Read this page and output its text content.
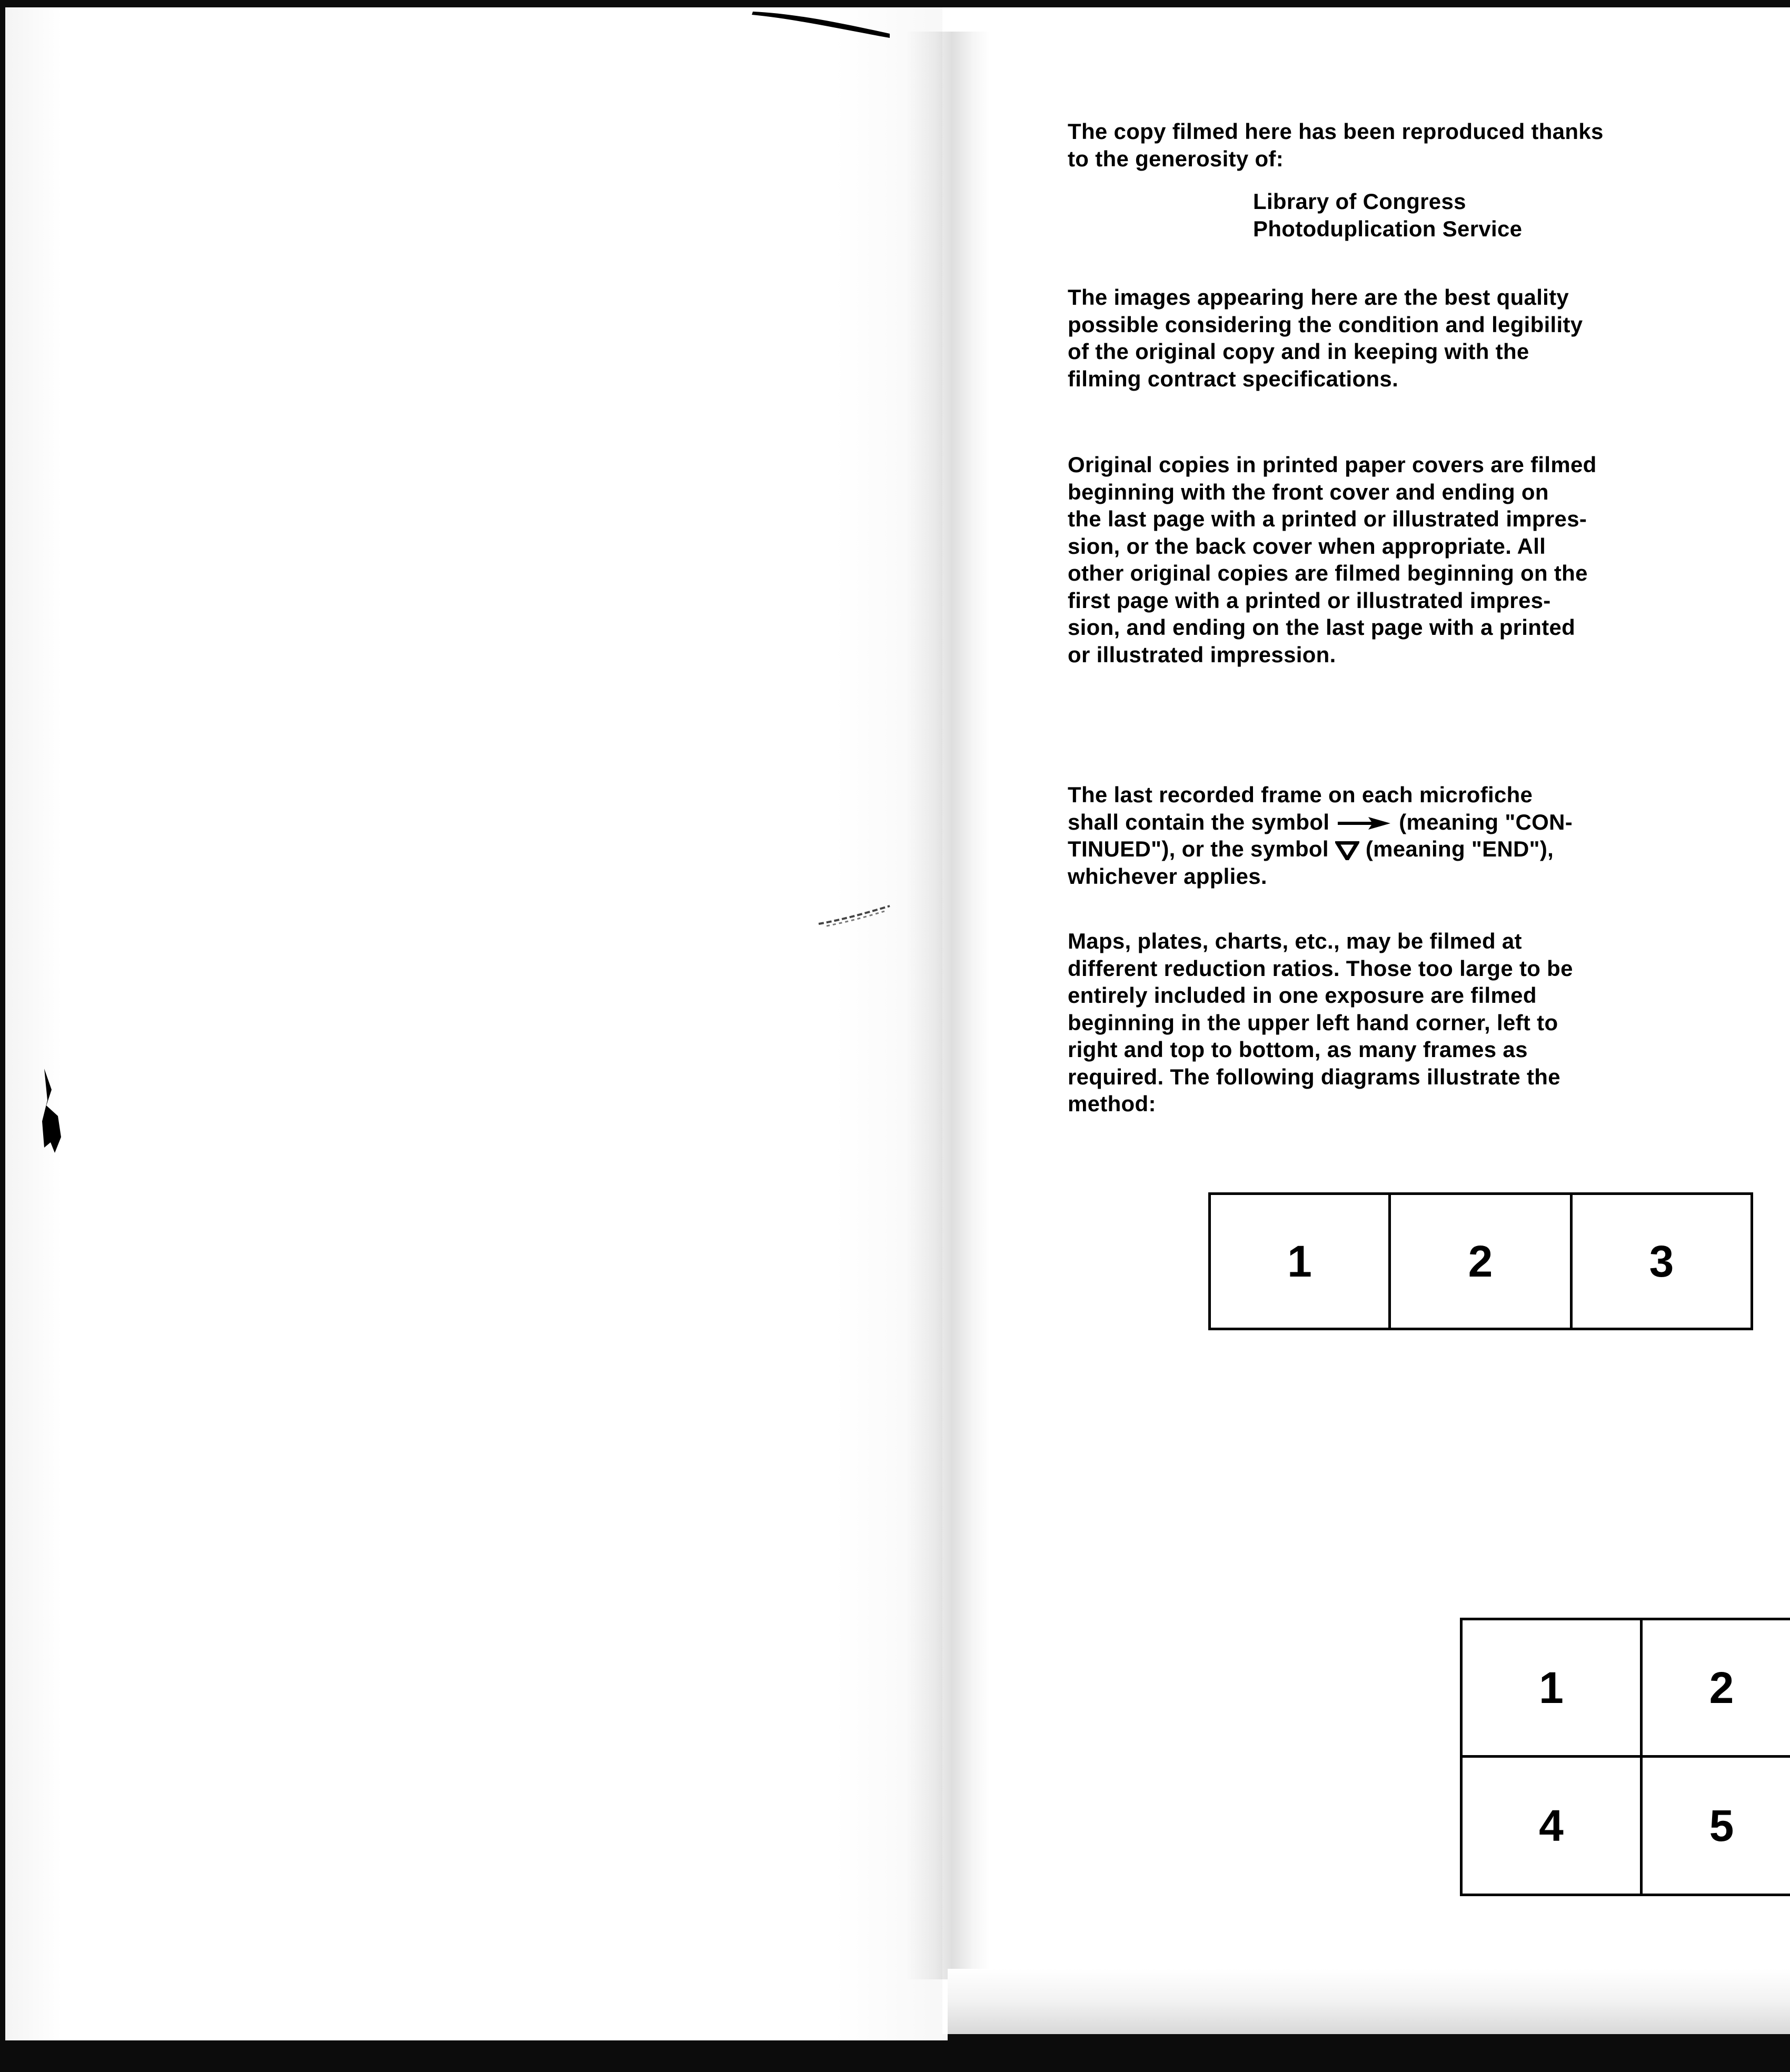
The copy filmed here has been reproduced thanks
to the generosity of:
Library of Congress
Photoduplication Service
The images appearing here are the best quality
possible considering the condition and legibility
of the original copy and in keeping with the
filming contract specifications.
Original copies in printed paper covers are filmed
beginning with the front cover and ending on
the last page with a printed or illustrated impres-
sion, or the back cover when appropriate. All
other original copies are filmed beginning on the
first page with a printed or illustrated impres-
sion, and ending on the last page with a printed
or illustrated impression.
The last recorded frame on each microfiche
shall contain the symbol	(meaning "CON-
TINUED"), or the symbol (meaning "END"),
whichever applies.
Maps, plates, charts, etc., may be filmed at
different reduction ratios. Those too large to be
entirely included in one exposure are filmed
beginning in the upper left hand corner, left to
right and top to bottom, as many frames as
required. The following diagrams illustrate the
method:
1	2	3
1	2
4	5
